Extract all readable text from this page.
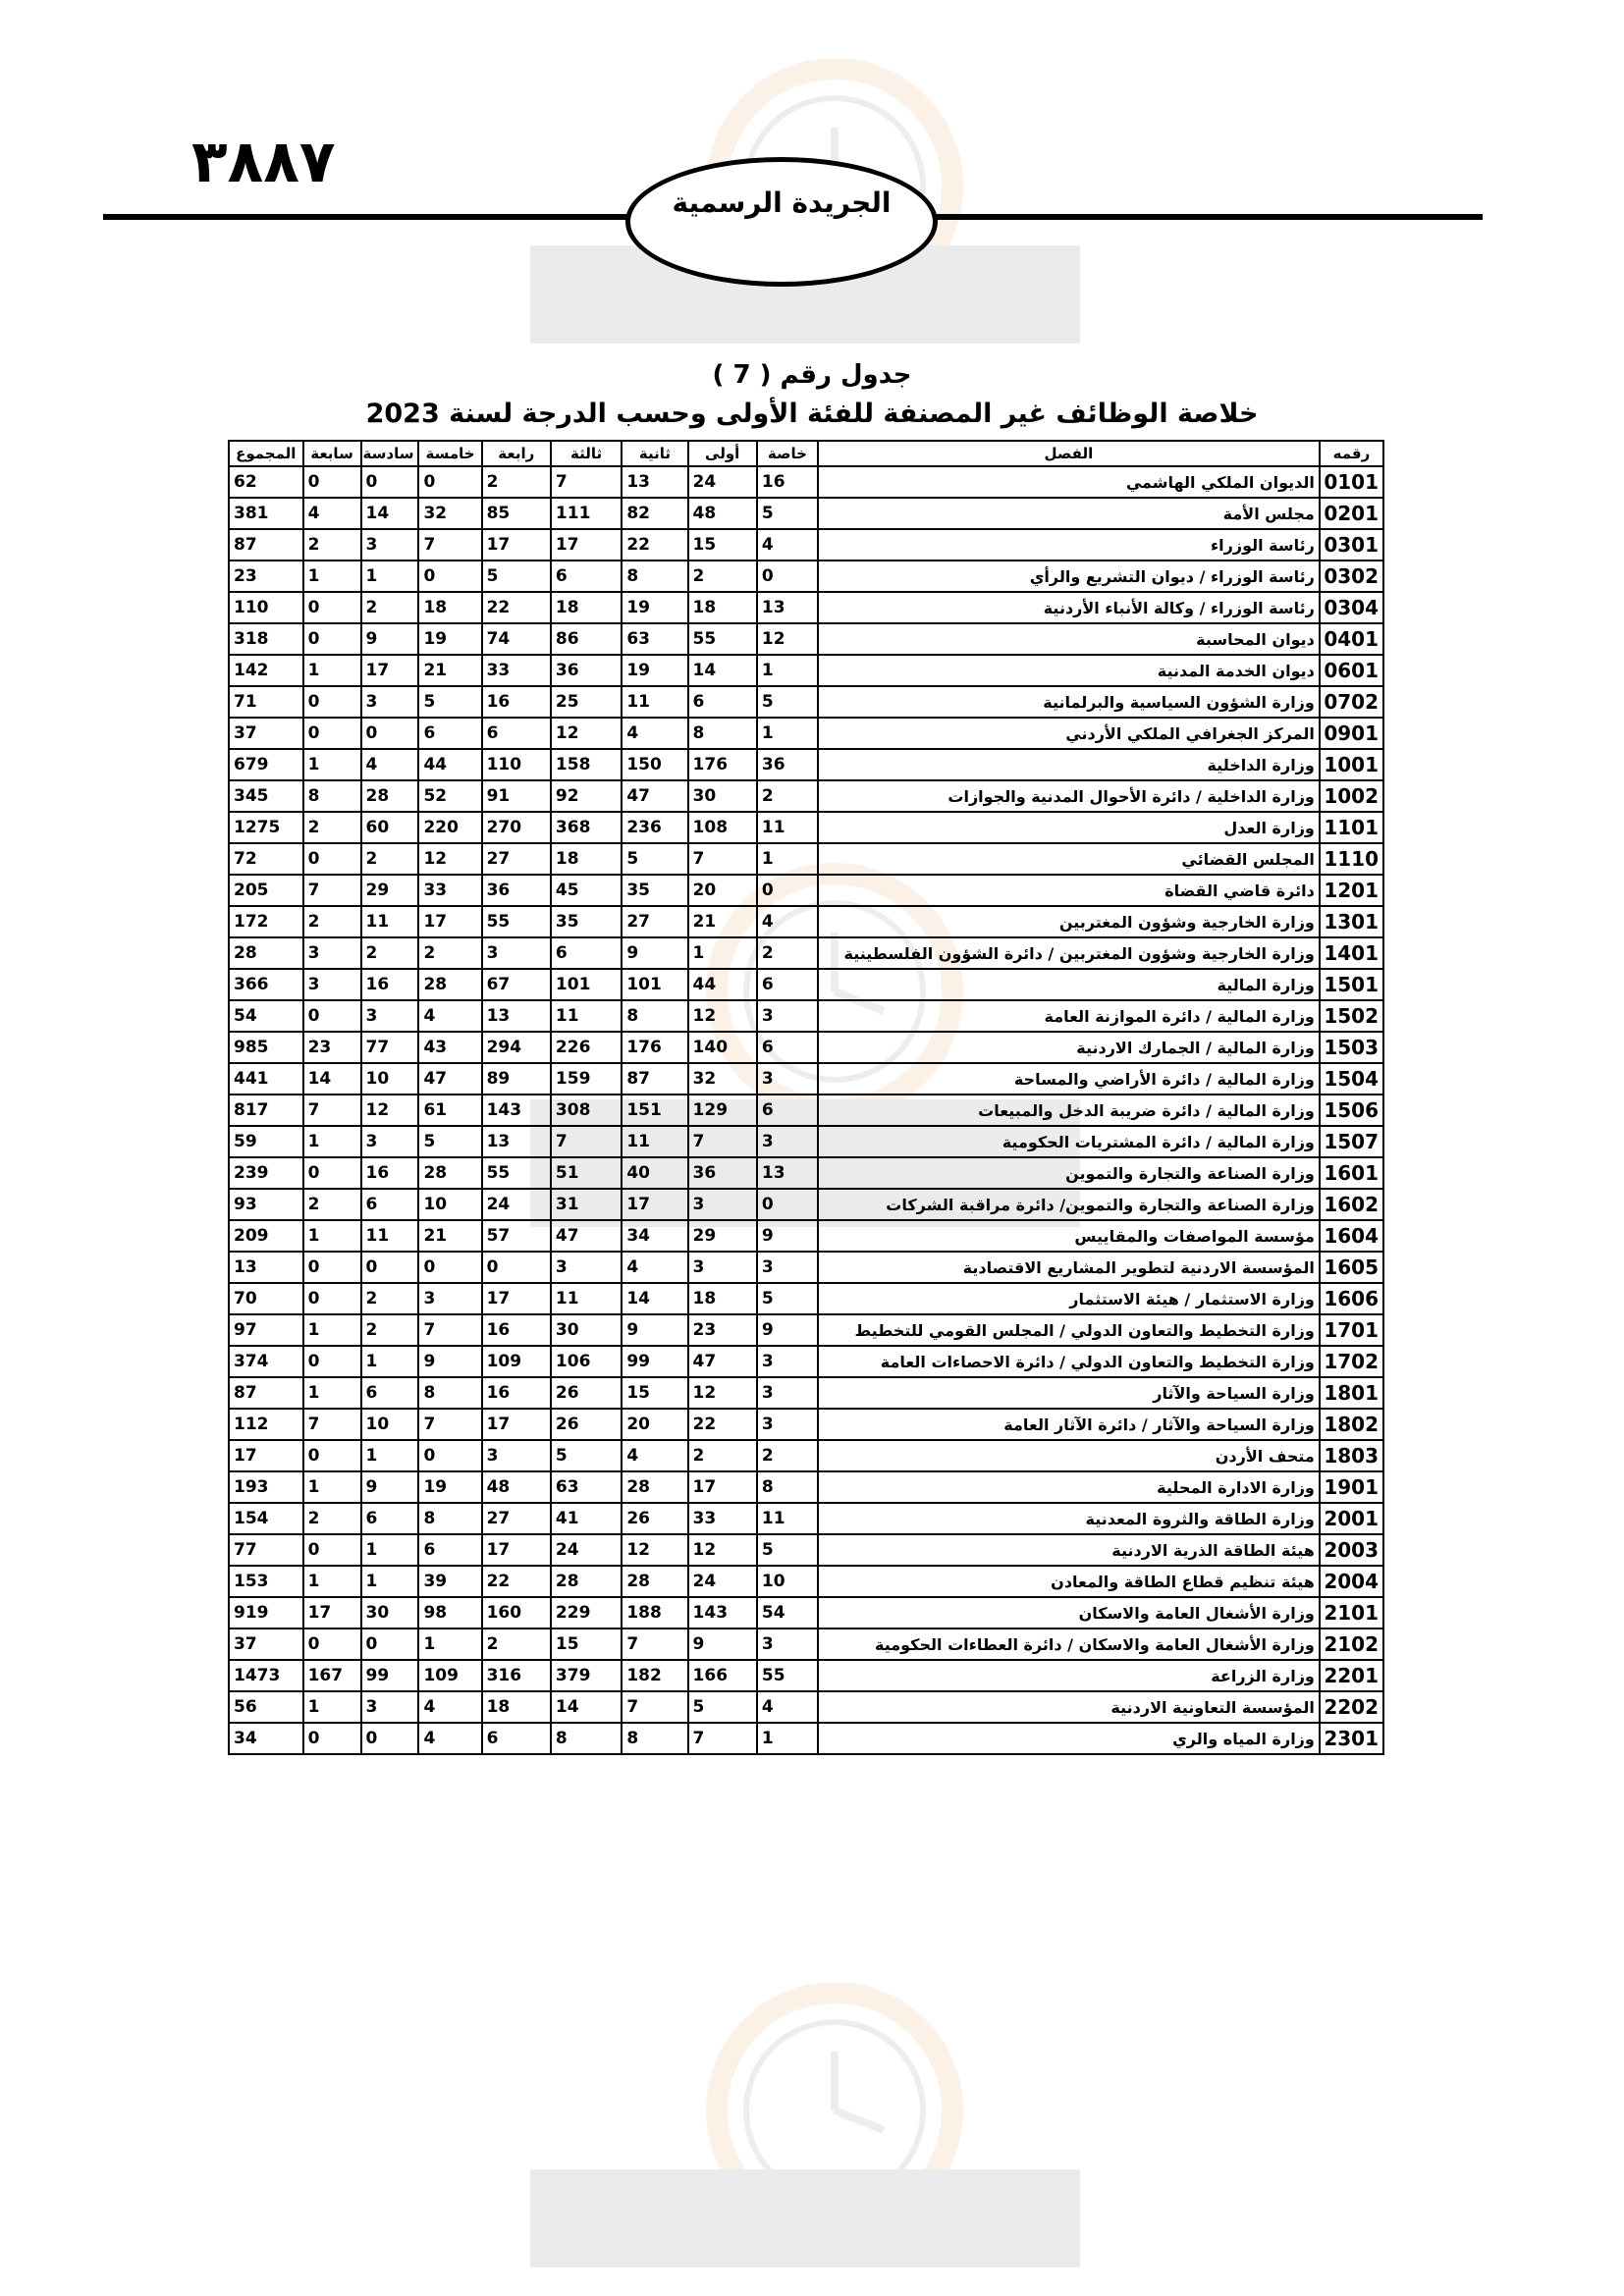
٣٨٨٧
الجريدة الرسمية
جدول رقم ( 7 )
خلاصة الوظائف غير المصنفة للفئة الأولى وحسب الدرجة لسنة 2023
رقمه	الفصل	خاصة	أولى	ثانية	ثالثة	رابعة	خامسة	سادسة	سابعة	المجموع
0101	الديوان الملكي الهاشمي	16	24	13	7	2	0	0	0	62
0201	مجلس الأمة	5	48	82	111	85	32	14	4	381
0301	رئاسة الوزراء	4	15	22	17	17	7	3	2	87
0302	رئاسة الوزراء / ديوان التشريع والرأي	0	2	8	6	5	0	1	1	23
0304	رئاسة الوزراء / وكالة الأنباء الأردنية	13	18	19	18	22	18	2	0	110
0401	ديوان المحاسبة	12	55	63	86	74	19	9	0	318
0601	ديوان الخدمة المدنية	1	14	19	36	33	21	17	1	142
0702	وزارة الشؤون السياسية والبرلمانية	5	6	11	25	16	5	3	0	71
0901	المركز الجغرافي الملكي الأردني	1	8	4	12	6	6	0	0	37
1001	وزارة الداخلية	36	176	150	158	110	44	4	1	679
1002	وزارة الداخلية / دائرة الأحوال المدنية والجوازات	2	30	47	92	91	52	28	8	345
1101	وزارة العدل	11	108	236	368	270	220	60	2	1275
1110	المجلس القضائي	1	7	5	18	27	12	2	0	72
1201	دائرة قاضي القضاة	0	20	35	45	36	33	29	7	205
1301	وزارة الخارجية وشؤون المغتربين	4	21	27	35	55	17	11	2	172
1401	وزارة الخارجية وشؤون المغتربين / دائرة الشؤون الفلسطينية	2	1	9	6	3	2	2	3	28
1501	وزارة المالية	6	44	101	101	67	28	16	3	366
1502	وزارة المالية / دائرة الموازنة العامة	3	12	8	11	13	4	3	0	54
1503	وزارة المالية / الجمارك الاردنية	6	140	176	226	294	43	77	23	985
1504	وزارة المالية / دائرة الأراضي والمساحة	3	32	87	159	89	47	10	14	441
1506	وزارة المالية / دائرة ضريبة الدخل والمبيعات	6	129	151	308	143	61	12	7	817
1507	وزارة المالية / دائرة المشتريات الحكومية	3	7	11	7	13	5	3	1	59
1601	وزارة الصناعة والتجارة والتموين	13	36	40	51	55	28	16	0	239
1602	وزارة الصناعة والتجارة والتموين/ دائرة مراقبة الشركات	0	3	17	31	24	10	6	2	93
1604	مؤسسة المواصفات والمقاييس	9	29	34	47	57	21	11	1	209
1605	المؤسسة الاردنية لتطوير المشاريع الاقتصادية	3	3	4	3	0	0	0	0	13
1606	وزارة الاستثمار / هيئة الاستثمار	5	18	14	11	17	3	2	0	70
1701	وزارة التخطيط والتعاون الدولي / المجلس القومي للتخطيط	9	23	9	30	16	7	2	1	97
1702	وزارة التخطيط والتعاون الدولي / دائرة الاحصاءات العامة	3	47	99	106	109	9	1	0	374
1801	وزارة السياحة والآثار	3	12	15	26	16	8	6	1	87
1802	وزارة السياحة والآثار / دائرة الآثار العامة	3	22	20	26	17	7	10	7	112
1803	متحف الأردن	2	2	4	5	3	0	1	0	17
1901	وزارة الادارة المحلية	8	17	28	63	48	19	9	1	193
2001	وزارة الطاقة والثروة المعدنية	11	33	26	41	27	8	6	2	154
2003	هيئة الطاقة الذرية الاردنية	5	12	12	24	17	6	1	0	77
2004	هيئة تنظيم قطاع الطاقة والمعادن	10	24	28	28	22	39	1	1	153
2101	وزارة الأشغال العامة والاسكان	54	143	188	229	160	98	30	17	919
2102	وزارة الأشغال العامة والاسكان / دائرة العطاءات الحكومية	3	9	7	15	2	1	0	0	37
2201	وزارة الزراعة	55	166	182	379	316	109	99	167	1473
2202	المؤسسة التعاونية الاردنية	4	5	7	14	18	4	3	1	56
2301	وزارة المياه والري	1	7	8	8	6	4	0	0	34
